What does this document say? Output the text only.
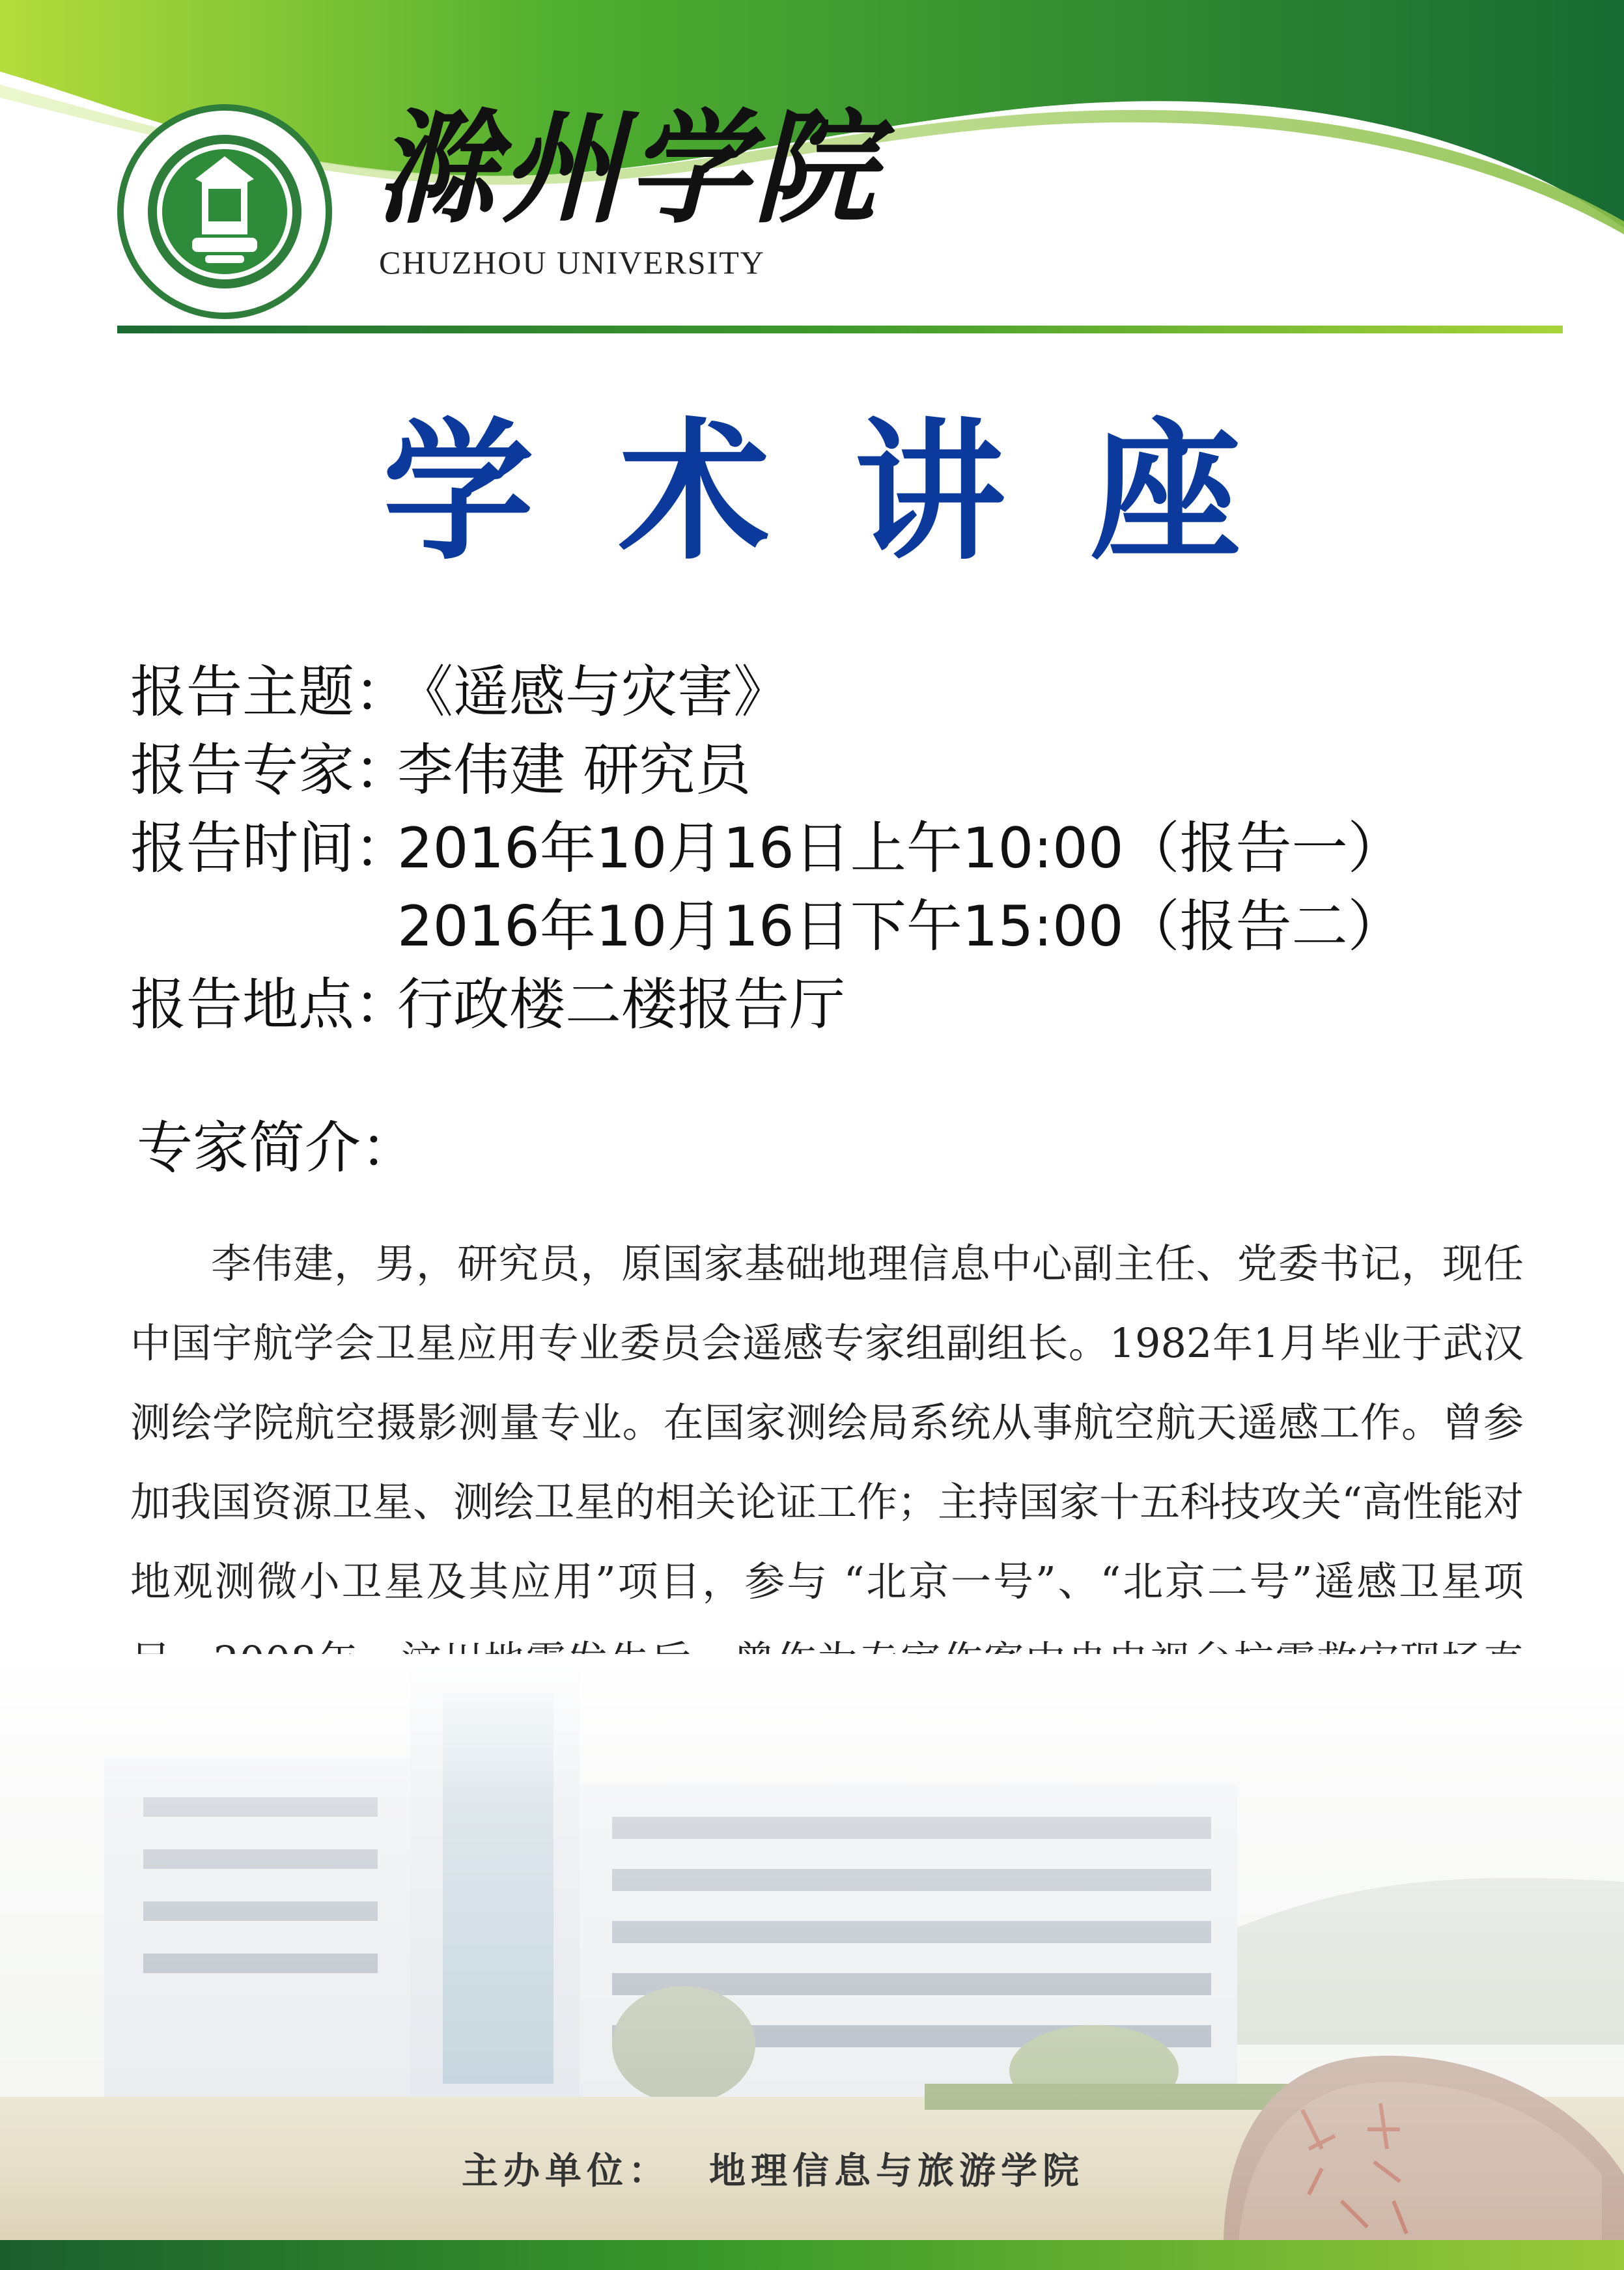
滁州学院
CHUZHOU UNIVERSITY
学术讲座
报告主题：《遥感与灾害》
报告专家：李伟建 研究员
报告时间：2016年10月16日上午10:00（报告一）
2016年10月16日下午15:00（报告二）
报告地点：行政楼二楼报告厅
专家简介：
李伟建，男，研究员，原国家基础地理信息中心副主任、党委书记，现任中国宇航学会卫星应用专业委员会遥感专家组副组长。1982年1月毕业于武汉测绘学院航空摄影测量专业。在国家测绘局系统从事航空航天遥感工作。曾参加我国资源卫星、测绘卫星的相关论证工作；主持国家十五科技攻关“高性能对地观测微小卫星及其应用”项目，参与 “北京一号”、“北京二号”遥感卫星项
主办单位： 地理信息与旅游学院
